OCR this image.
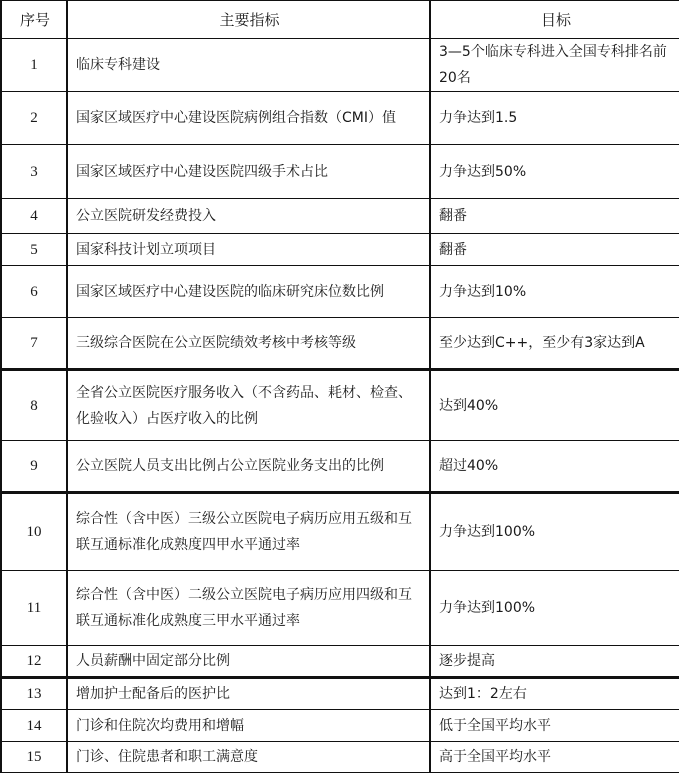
序号	主要指标	目标
1	临床专科建设	3—5个临床专科进入全国专科排名前20名
2	国家区域医疗中心建设医院病例组合指数（CMI）值	力争达到1.5
3	国家区域医疗中心建设医院四级手术占比	力争达到50%
4	公立医院研发经费投入	翻番
5	国家科技计划立项项目	翻番
6	国家区域医疗中心建设医院的临床研究床位数比例	力争达到10%
7	三级综合医院在公立医院绩效考核中考核等级	至少达到C++，至少有3家达到A
8	全省公立医院医疗服务收入（不含药品、耗材、检查、化验收入）占医疗收入的比例	达到40%
9	公立医院人员支出比例占公立医院业务支出的比例	超过40%
10	综合性（含中医）三级公立医院电子病历应用五级和互联互通标准化成熟度四甲水平通过率	力争达到100%
11	综合性（含中医）二级公立医院电子病历应用四级和互联互通标准化成熟度三甲水平通过率	力争达到100%
12	人员薪酬中固定部分比例	逐步提高
13	增加护士配备后的医护比	达到1：2左右
14	门诊和住院次均费用和增幅	低于全国平均水平
15	门诊、住院患者和职工满意度	高于全国平均水平
